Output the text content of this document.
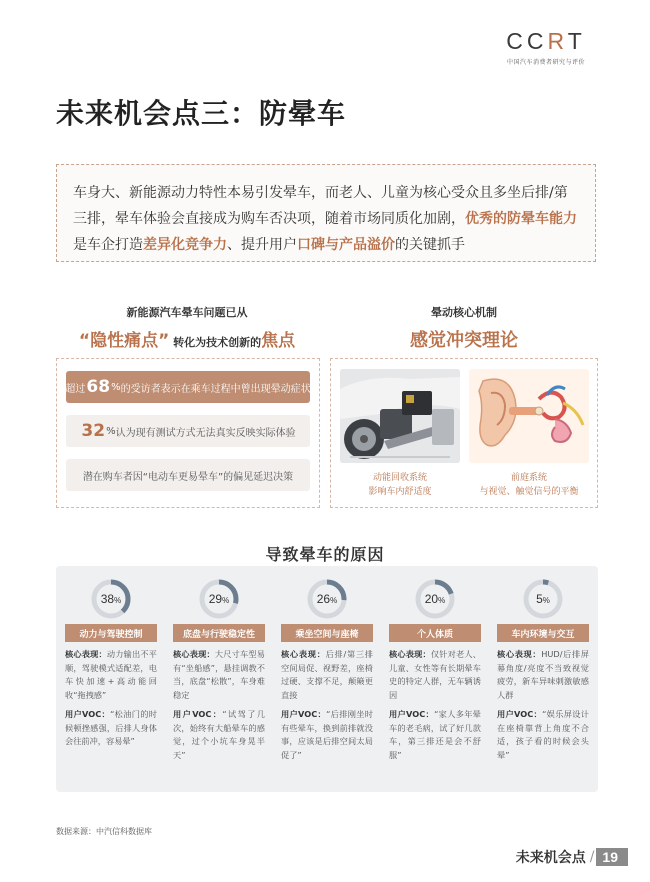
CCRT
中国汽车消费者研究与评价
未来机会点三：防晕车
车身大、新能源动力特性本易引发晕车，而老人、儿童为核心受众且多坐后排/第三排，晕车体验会直接成为购车否决项，随着市场同质化加剧，优秀的防晕车能力是车企打造差异化竞争力、提升用户口碑与产品溢价的关键抓手
新能源汽车晕车问题已从
“隐性痛点” 转化为技术创新的焦点
晕动核心机制
感觉冲突理论
超过 68 % 的受访者表示在乘车过程中曾出现晕动症状
32 % 认为现有测试方式无法真实反映实际体验
潜在购车者因“电动车更易晕车”的偏见延迟决策	动能回收系统
影响车内舒适度
前庭系统
与视觉、触觉信号的平衡
导致晕车的原因
38 %
动力与驾驶控制

核心表现：动力输出不平顺，驾驶模式适配差，电车快加速+高动能回收“拖拽感”

用户VOC：“松油门的时候顿挫感强，后排人身体会往前冲，容易晕”

29 %
底盘与行驶稳定性

核心表现：大尺寸车型易有“坐船感”，悬挂调教不当，底盘“松散”，车身难稳定

用户VOC：“试驾了几次，始终有大船晕车的感觉，过个小坑车身晃半天”

26 %
乘坐空间与座椅

核心表现：后排/第三排空间局促、视野差，座椅过硬、支撑不足，颠簸更直接

用户VOC：“后排刚坐时有些晕车，换到前排就没事，应该是后排空间太局促了”

20 %
个人体质

核心表现：仅针对老人、儿童、女性等有长期晕车史的特定人群，无车辆诱因

用户VOC：“家人多年晕车的老毛病，试了好几款车，第三排还是会不舒服”

5 %
车内环境与交互

核心表现：HUD/后排屏幕角度/亮度不当致视觉疲劳，新车异味刺激敏感人群

用户VOC：“娱乐屏设计在座椅靠背上角度不合适，孩子看的时候会头晕”

数据来源：中汽信科数据库
未来机会点 / 19
